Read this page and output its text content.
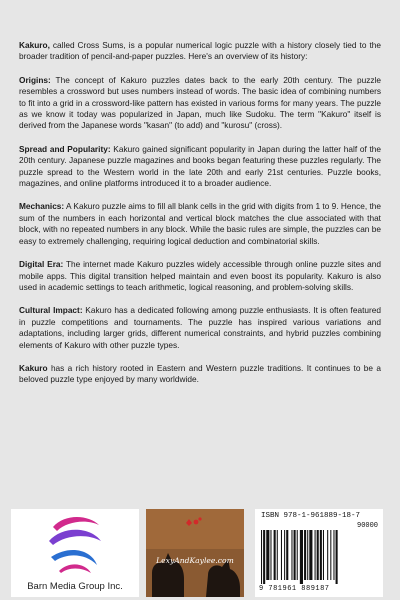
Kakuro, called Cross Sums, is a popular numerical logic puzzle with a history closely tied to the broader tradition of pencil-and-paper puzzles. Here's an overview of its history:

Origins: The concept of Kakuro puzzles dates back to the early 20th century. The puzzle resembles a crossword but uses numbers instead of words. The basic idea of combining numbers to fit into a grid in a crossword-like pattern has existed in various forms for many years. The puzzle as we know it today was popularized in Japan, much like Sudoku. The term "Kakuro" itself is derived from the Japanese words "kasan" (to add) and "kurosu" (cross).

Spread and Popularity: Kakuro gained significant popularity in Japan during the latter half of the 20th century. Japanese puzzle magazines and books began featuring these puzzles regularly. The puzzle spread to the Western world in the late 20th and early 21st centuries. Puzzle books, magazines, and online platforms introduced it to a broader audience.

Mechanics: A Kakuro puzzle aims to fill all blank cells in the grid with digits from 1 to 9. Hence, the sum of the numbers in each horizontal and vertical block matches the clue associated with that block, with no repeated numbers in any block. While the basic rules are simple, the puzzles can be easy to extremely challenging, requiring logical deduction and combinatorial skills.

Digital Era: The internet made Kakuro puzzles widely accessible through online puzzle sites and mobile apps. This digital transition helped maintain and even boost its popularity. Kakuro is also used in academic settings to teach arithmetic, logical reasoning, and problem-solving skills.

Cultural Impact: Kakuro has a dedicated following among puzzle enthusiasts. It is often featured in puzzle competitions and tournaments. The puzzle has inspired various variations and adaptations, including larger grids, different numerical constraints, and hybrid puzzles combining elements of Kakuro with other puzzle types.

Kakuro has a rich history rooted in Eastern and Western puzzle traditions. It continues to be a beloved puzzle type enjoyed by many worldwide.

Barn Media Group Inc.
LexyAndKaylee.com
ISBN 978-1-961889-18-7
90000
9 781961 889187
